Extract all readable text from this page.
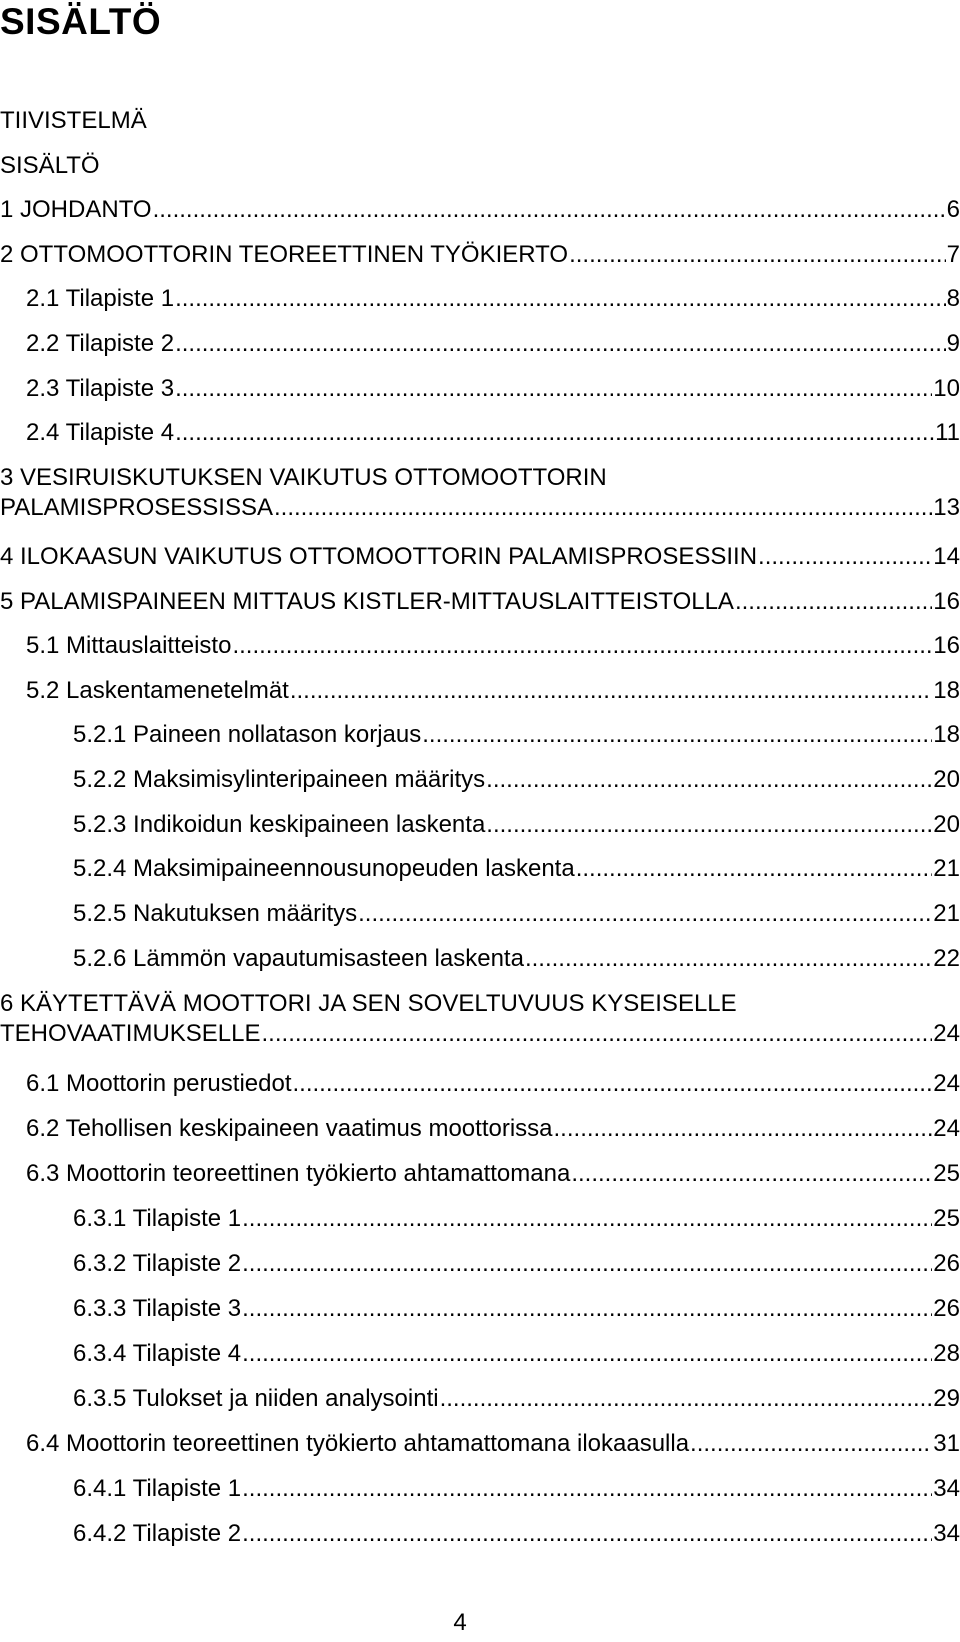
SISÄLTÖ
TIIVISTELMÄ
SISÄLTÖ
1 JOHDANTO .....	6
2 OTTOMOOTTORIN TEOREETTINEN TYÖKIERTO .....	7
2.1 Tilapiste 1 .....	8
2.2 Tilapiste 2 .....	9
2.3 Tilapiste 3 .....	10
2.4 Tilapiste 4 .....	11
3 VESIRUISKUTUKSEN VAIKUTUS OTTOMOOTTORIN
PALAMISPROSESSISSA .....	13
4 ILOKAASUN VAIKUTUS OTTOMOOTTORIN PALAMISPROSESSIIN .....	14
5 PALAMISPAINEEN MITTAUS KISTLER-MITTAUSLAITTEISTOLLA .....	16
5.1 Mittauslaitteisto .....	16
5.2 Laskentamenetelmät .....	18
5.2.1 Paineen nollatason korjaus .....	18
5.2.2 Maksimisylinteripaineen määritys .....	20
5.2.3 Indikoidun keskipaineen laskenta .....	20
5.2.4 Maksimipaineennousunopeuden laskenta .....	21
5.2.5 Nakutuksen määritys .....	21
5.2.6 Lämmön vapautumisasteen laskenta .....	22
6 KÄYTETTÄVÄ MOOTTORI JA SEN SOVELTUVUUS KYSEISELLE
TEHOVAATIMUKSELLE .....	24
6.1 Moottorin perustiedot .....	24
6.2 Tehollisen keskipaineen vaatimus moottorissa .....	24
6.3 Moottorin teoreettinen työkierto ahtamattomana .....	25
6.3.1 Tilapiste 1 .....	25
6.3.2 Tilapiste 2 .....	26
6.3.3 Tilapiste 3 .....	26
6.3.4 Tilapiste 4 .....	28
6.3.5 Tulokset ja niiden analysointi .....	29
6.4 Moottorin teoreettinen työkierto ahtamattomana ilokaasulla .....	31
6.4.1 Tilapiste 1 .....	34
6.4.2 Tilapiste 2 .....	34
4
